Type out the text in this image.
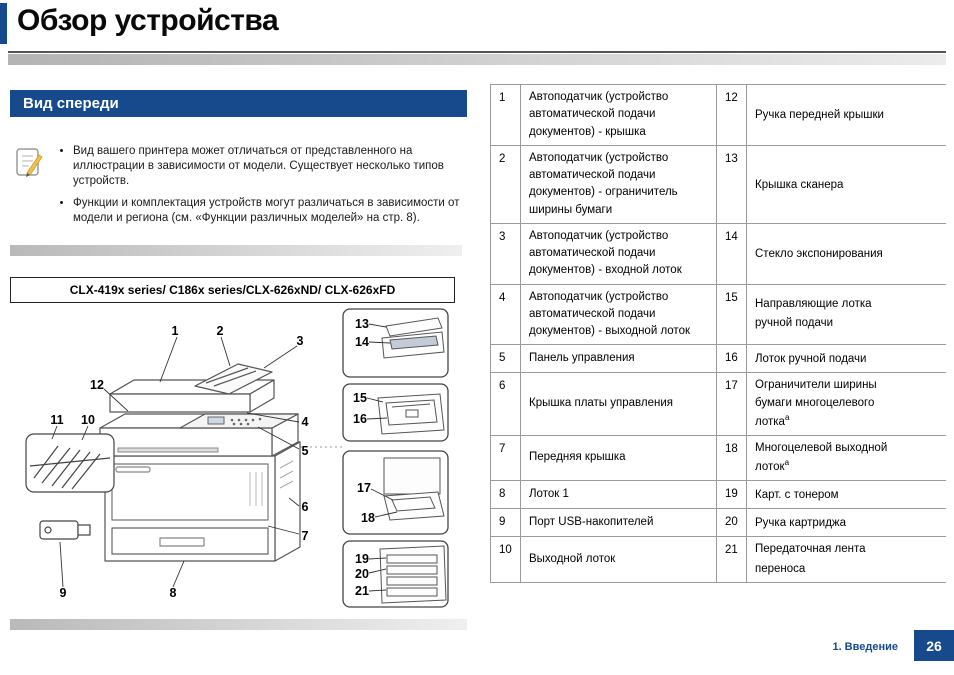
Обзор устройства
Вид спереди
• Вид вашего принтера может отличаться от представленного на иллюстрации в зависимости от модели. Существует несколько типов устройств.
• Функции и комплектация устройств могут различаться в зависимости от модели и региона (см. «Функции различных моделей» на стр. 8).
CLX-419x series/ C186x series/CLX-626xND/ CLX-626xFD
1	2
3
4
5
6
7
8
9
10
11
12
13
14
15
16
17
18
19
20
21
1	Автоподатчик (устройство автоматической подачи документов) - крышка	12	Ручка передней крышки
2	Автоподатчик (устройство автоматической подачи документов) - ограничитель ширины бумаги	13	Крышка сканера
3	Автоподатчик (устройство автоматической подачи документов) - входной лоток	14	Стекло экспонирования
4	Автоподатчик (устройство автоматической подачи документов) - выходной лоток	15	Направляющие лотка ручной подачи
5	Панель управления	16	Лоток ручной подачи
6	Крышка платы управления	17	Ограничители ширины бумаги многоцелевого лотка$^a$
7	Передняя крышка	18	Многоцелевой выходной лоток$^a$
8	Лоток 1	19	Карт. с тонером
9	Порт USB-накопителей	20	Ручка картриджа
10	Выходной лоток	21	Передаточная лента переноса
1. Введение	26
